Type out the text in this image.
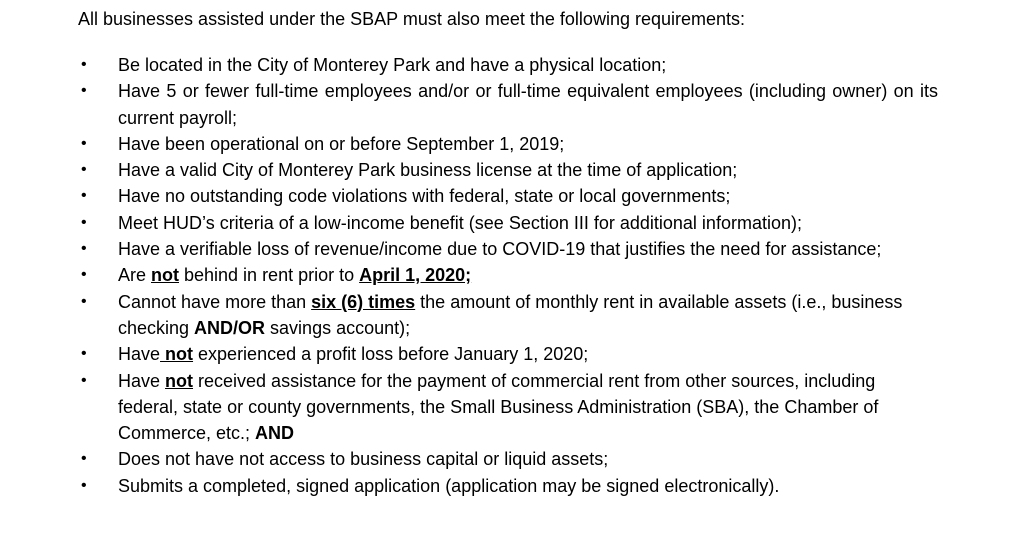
All businesses assisted under the SBAP must also meet the following requirements:
• Be located in the City of Monterey Park and have a physical location;
• Have 5 or fewer full-time employees and/or or full-time equivalent employees (including owner) on its current payroll;
• Have been operational on or before September 1, 2019;
• Have a valid City of Monterey Park business license at the time of application;
• Have no outstanding code violations with federal, state or local governments;
• Meet HUD’s criteria of a low-income benefit (see Section III for additional information);
• Have a verifiable loss of revenue/income due to COVID-19 that justifies the need for assistance;
• Are not behind in rent prior to April 1, 2020;
• Cannot have more than six (6) times the amount of monthly rent in available assets (i.e., business checking AND/OR savings account);
• Have not experienced a profit loss before January 1, 2020;
• Have not received assistance for the payment of commercial rent from other sources, including federal, state or county governments, the Small Business Administration (SBA), the Chamber of Commerce, etc.; AND
• Does not have not access to business capital or liquid assets;
• Submits a completed, signed application (application may be signed electronically).
